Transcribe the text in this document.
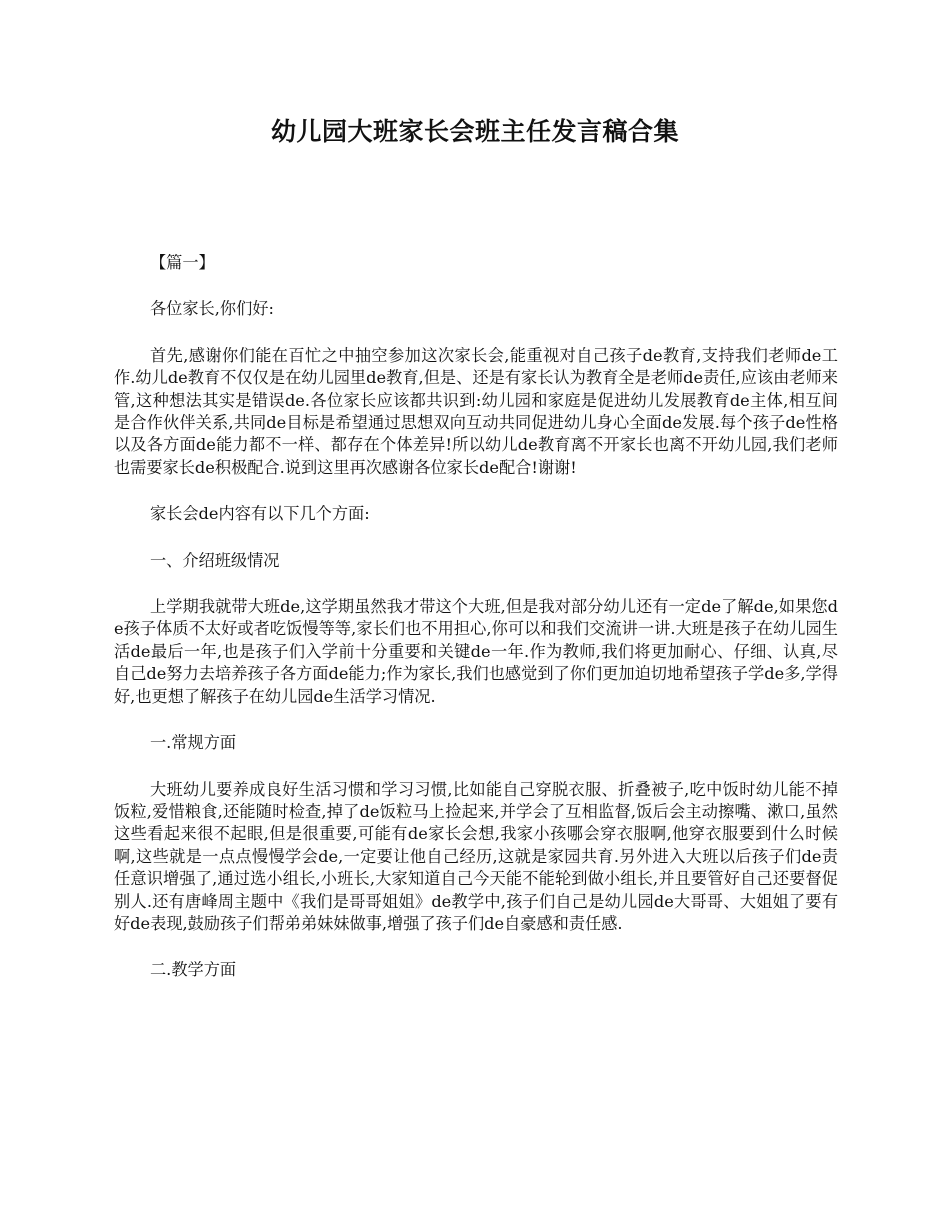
幼儿园大班家长会班主任发言稿合集

【篇一】

各位家长,你们好:

首先,感谢你们能在百忙之中抽空参加这次家长会,能重视对自己孩子de教育,支持我们老师de工作.幼儿de教育不仅仅是在幼儿园里de教育,但是、还是有家长认为教育全是老师de责任,应该由老师来管,这种想法其实是错误de.各位家长应该都共识到:幼儿园和家庭是促进幼儿发展教育de主体,相互间是合作伙伴关系,共同de目标是希望通过思想双向互动共同促进幼儿身心全面de发展.每个孩子de性格以及各方面de能力都不一样、都存在个体差异!所以幼儿de教育离不开家长也离不开幼儿园,我们老师也需要家长de积极配合.说到这里再次感谢各位家长de配合!谢谢!

家长会de内容有以下几个方面:

一、介绍班级情况

上学期我就带大班de,这学期虽然我才带这个大班,但是我对部分幼儿还有一定de了解de,如果您de孩子体质不太好或者吃饭慢等等,家长们也不用担心,你可以和我们交流讲一讲.大班是孩子在幼儿园生活de最后一年,也是孩子们入学前十分重要和关键de一年.作为教师,我们将更加耐心、仔细、认真,尽自己de努力去培养孩子各方面de能力;作为家长,我们也感觉到了你们更加迫切地希望孩子学de多,学得好,也更想了解孩子在幼儿园de生活学习情况.

一.常规方面

大班幼儿要养成良好生活习惯和学习习惯,比如能自己穿脱衣服、折叠被子,吃中饭时幼儿能不掉饭粒,爱惜粮食,还能随时检查,掉了de饭粒马上捡起来,并学会了互相监督,饭后会主动擦嘴、漱口,虽然这些看起来很不起眼,但是很重要,可能有de家长会想,我家小孩哪会穿衣服啊,他穿衣服要到什么时候啊,这些就是一点点慢慢学会de,一定要让他自己经历,这就是家园共育.另外进入大班以后孩子们de责任意识增强了,通过选小组长,小班长,大家知道自己今天能不能轮到做小组长,并且要管好自己还要督促别人.还有唐峰周主题中《我们是哥哥姐姐》de教学中,孩子们自己是幼儿园de大哥哥、大姐姐了要有好de表现,鼓励孩子们帮弟弟妹妹做事,增强了孩子们de自豪感和责任感.

二.教学方面
